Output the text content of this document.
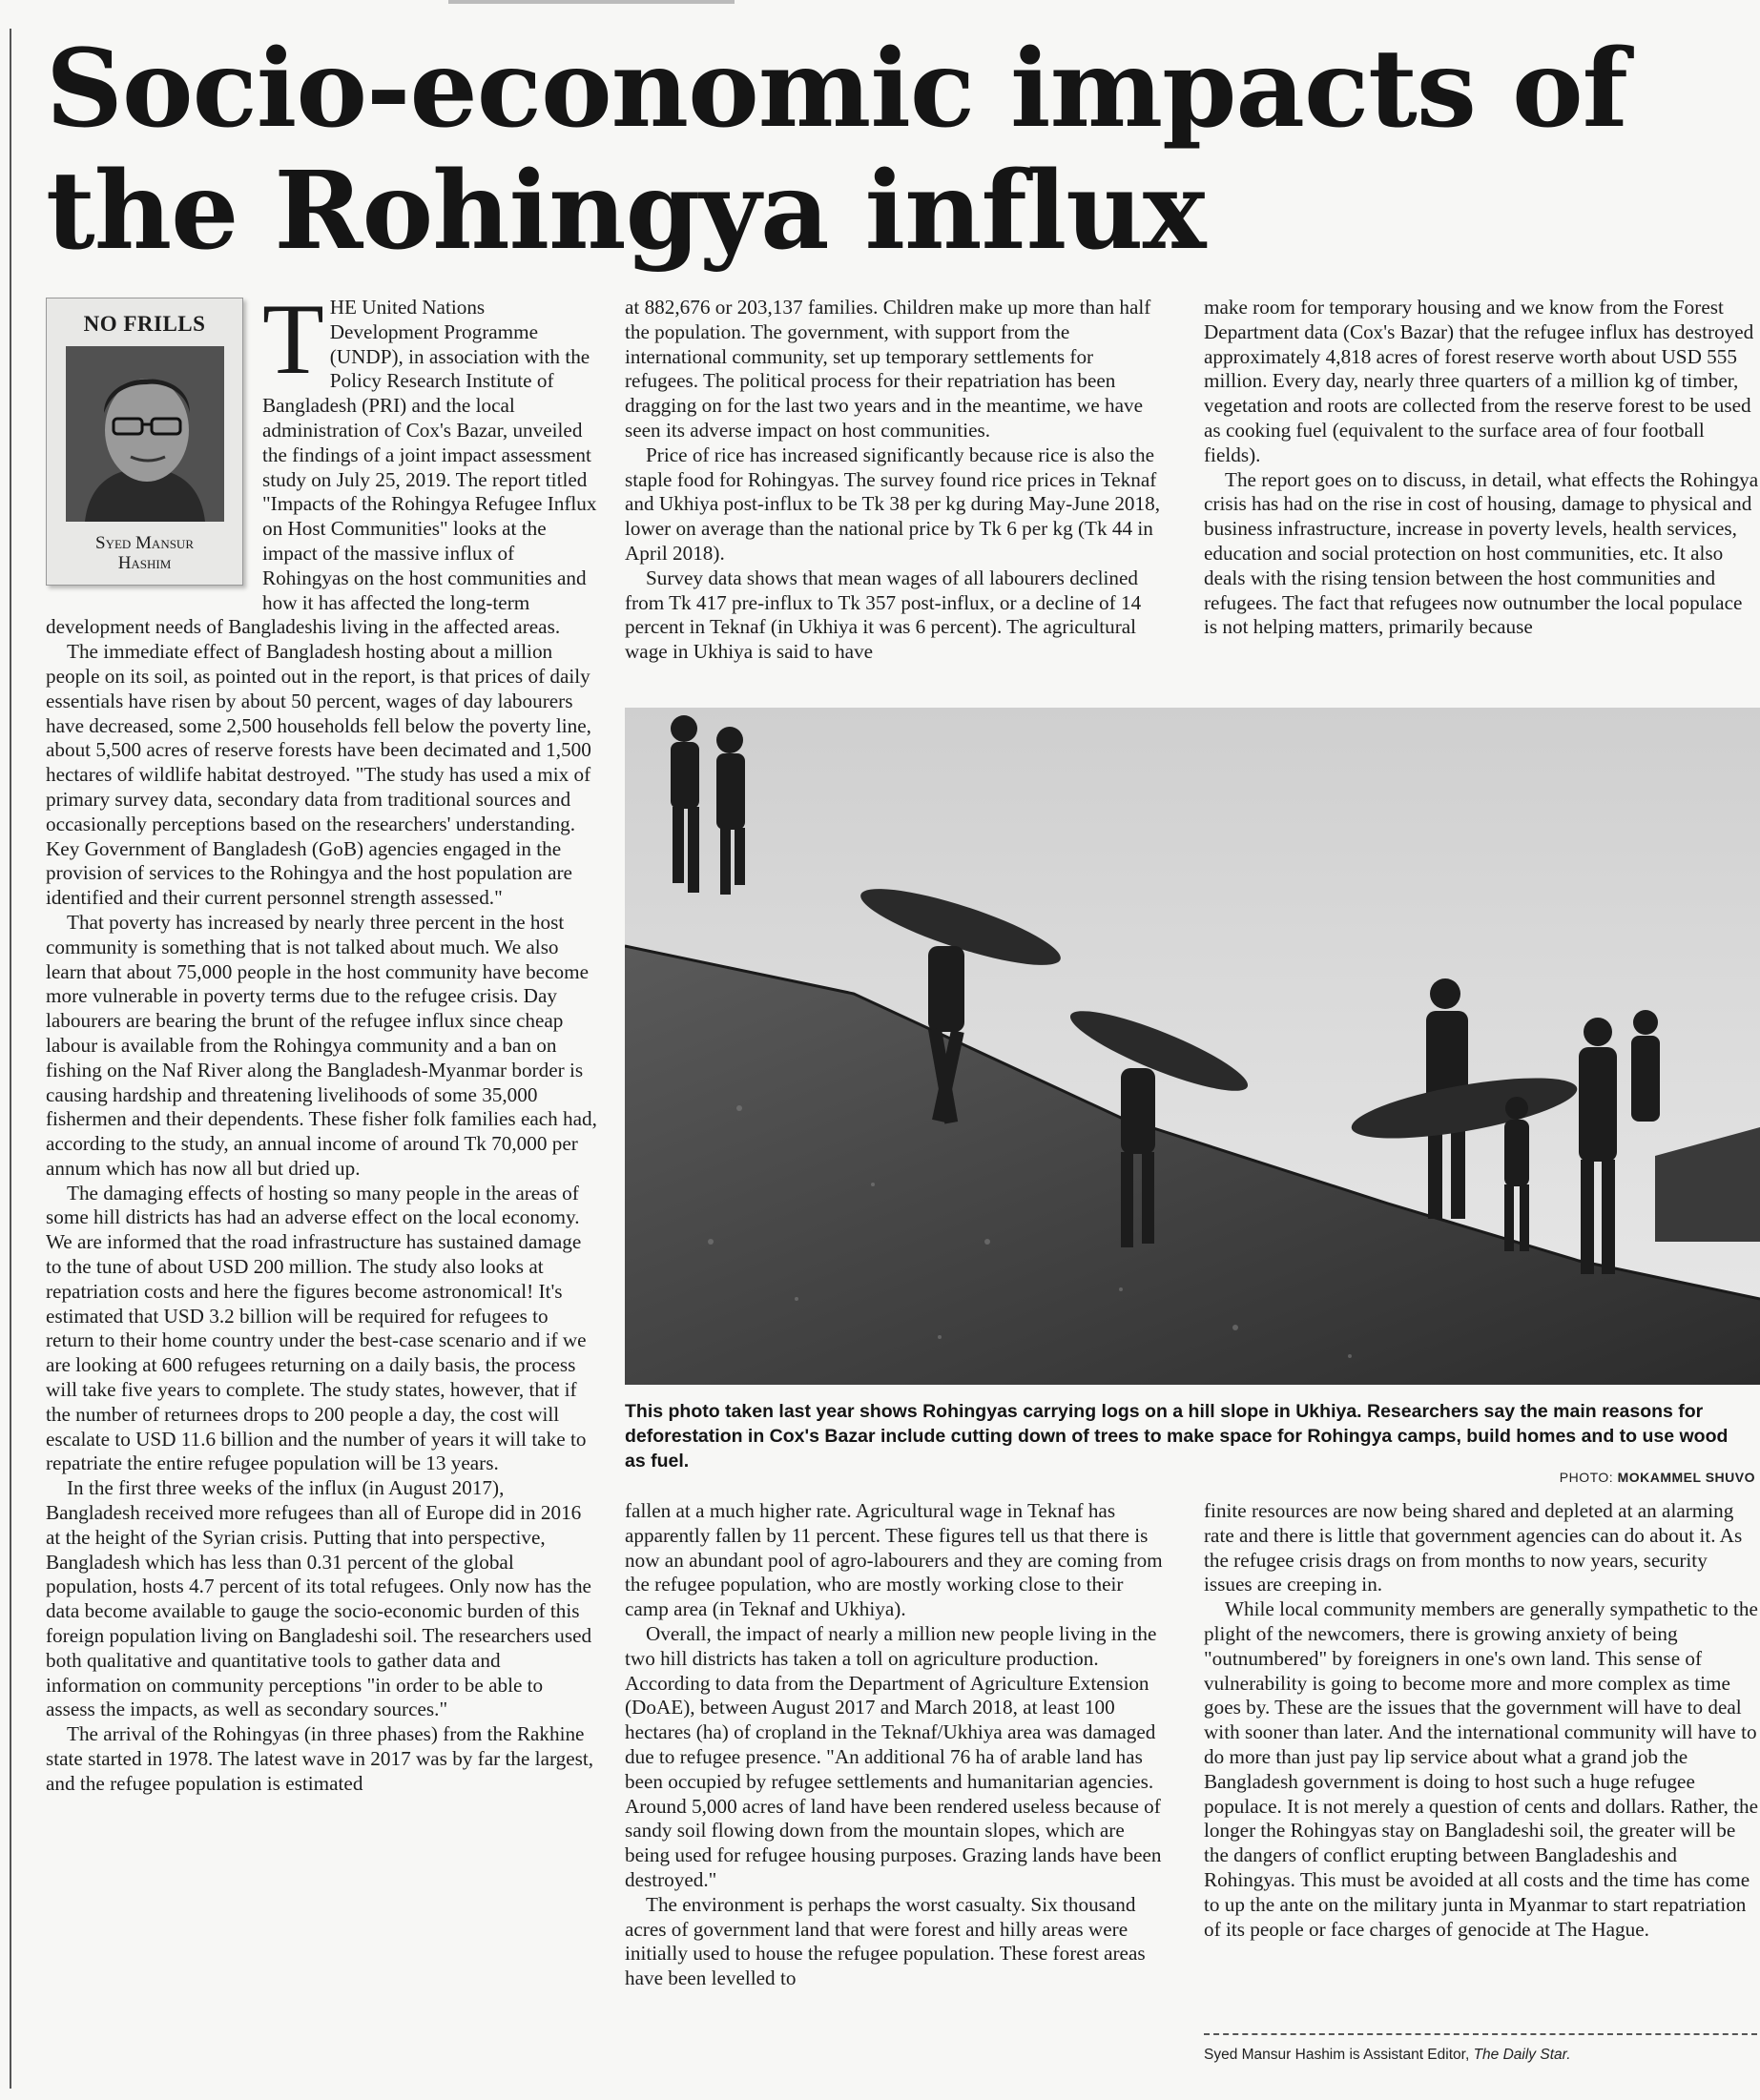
Socio-economic impacts of the Rohingya influx
NO FRILLS
Syed Mansur
Hashim

THE United Nations Development Programme (UNDP), in association with the Policy Research Institute of Bangladesh (PRI) and the local administration of Cox's Bazar, unveiled the findings of a joint impact assessment study on July 25, 2019. The report titled "Impacts of the Rohingya Refugee Influx on Host Communities" looks at the impact of the massive influx of Rohingyas on the host communities and how it has affected the long-term development needs of Bangladeshis living in the affected areas.

The immediate effect of Bangladesh hosting about a million people on its soil, as pointed out in the report, is that prices of daily essentials have risen by about 50 percent, wages of day labourers have decreased, some 2,500 households fell below the poverty line, about 5,500 acres of reserve forests have been decimated and 1,500 hectares of wildlife habitat destroyed. "The study has used a mix of primary survey data, secondary data from traditional sources and occasionally perceptions based on the researchers' understanding. Key Government of Bangladesh (GoB) agencies engaged in the provision of services to the Rohingya and the host population are identified and their current personnel strength assessed."

That poverty has increased by nearly three percent in the host community is something that is not talked about much. We also learn that about 75,000 people in the host community have become more vulnerable in poverty terms due to the refugee crisis. Day labourers are bearing the brunt of the refugee influx since cheap labour is available from the Rohingya community and a ban on fishing on the Naf River along the Bangladesh-Myanmar border is causing hardship and threatening livelihoods of some 35,000 fishermen and their dependents. These fisher folk families each had, according to the study, an annual income of around Tk 70,000 per annum which has now all but dried up.

The damaging effects of hosting so many people in the areas of some hill districts has had an adverse effect on the local economy. We are informed that the road infrastructure has sustained damage to the tune of about USD 200 million. The study also looks at repatriation costs and here the figures become astronomical! It's estimated that USD 3.2 billion will be required for refugees to return to their home country under the best-case scenario and if we are looking at 600 refugees returning on a daily basis, the process will take five years to complete. The study states, however, that if the number of returnees drops to 200 people a day, the cost will escalate to USD 11.6 billion and the number of years it will take to repatriate the entire refugee population will be 13 years.

In the first three weeks of the influx (in August 2017), Bangladesh received more refugees than all of Europe did in 2016 at the height of the Syrian crisis. Putting that into perspective, Bangladesh which has less than 0.31 percent of the global population, hosts 4.7 percent of its total refugees. Only now has the data become available to gauge the socio-economic burden of this foreign population living on Bangladeshi soil. The researchers used both qualitative and quantitative tools to gather data and information on community perceptions "in order to be able to assess the impacts, as well as secondary sources."

The arrival of the Rohingyas (in three phases) from the Rakhine state started in 1978. The latest wave in 2017 was by far the largest, and the refugee population is estimated

at 882,676 or 203,137 families. Children make up more than half the population. The government, with support from the international community, set up temporary settlements for refugees. The political process for their repatriation has been dragging on for the last two years and in the meantime, we have seen its adverse impact on host communities.

Price of rice has increased significantly because rice is also the staple food for Rohingyas. The survey found rice prices in Teknaf and Ukhiya post-influx to be Tk 38 per kg during May-June 2018, lower on average than the national price by Tk 6 per kg (Tk 44 in April 2018).

Survey data shows that mean wages of all labourers declined from Tk 417 pre-influx to Tk 357 post-influx, or a decline of 14 percent in Teknaf (in Ukhiya it was 6 percent). The agricultural wage in Ukhiya is said to have

make room for temporary housing and we know from the Forest Department data (Cox's Bazar) that the refugee influx has destroyed approximately 4,818 acres of forest reserve worth about USD 555 million. Every day, nearly three quarters of a million kg of timber, vegetation and roots are collected from the reserve forest to be used as cooking fuel (equivalent to the surface area of four football fields).

The report goes on to discuss, in detail, what effects the Rohingya crisis has had on the rise in cost of housing, damage to physical and business infrastructure, increase in poverty levels, health services, education and social protection on host communities, etc. It also deals with the rising tension between the host communities and refugees. The fact that refugees now outnumber the local populace is not helping matters, primarily because

This photo taken last year shows Rohingyas carrying logs on a hill slope in Ukhiya. Researchers say the main reasons for deforestation in Cox's Bazar include cutting down of trees to make space for Rohingya camps, build homes and to use wood as fuel.
PHOTO: MOKAMMEL SHUVO

fallen at a much higher rate. Agricultural wage in Teknaf has apparently fallen by 11 percent. These figures tell us that there is now an abundant pool of agro-labourers and they are coming from the refugee population, who are mostly working close to their camp area (in Teknaf and Ukhiya).

Overall, the impact of nearly a million new people living in the two hill districts has taken a toll on agriculture production. According to data from the Department of Agriculture Extension (DoAE), between August 2017 and March 2018, at least 100 hectares (ha) of cropland in the Teknaf/Ukhiya area was damaged due to refugee presence. "An additional 76 ha of arable land has been occupied by refugee settlements and humanitarian agencies. Around 5,000 acres of land have been rendered useless because of sandy soil flowing down from the mountain slopes, which are being used for refugee housing purposes. Grazing lands have been destroyed."

The environment is perhaps the worst casualty. Six thousand acres of government land that were forest and hilly areas were initially used to house the refugee population. These forest areas have been levelled to

finite resources are now being shared and depleted at an alarming rate and there is little that government agencies can do about it. As the refugee crisis drags on from months to now years, security issues are creeping in.

While local community members are generally sympathetic to the plight of the newcomers, there is growing anxiety of being "outnumbered" by foreigners in one's own land. This sense of vulnerability is going to become more and more complex as time goes by. These are the issues that the government will have to deal with sooner than later. And the international community will have to do more than just pay lip service about what a grand job the Bangladesh government is doing to host such a huge refugee populace. It is not merely a question of cents and dollars. Rather, the longer the Rohingyas stay on Bangladeshi soil, the greater will be the dangers of conflict erupting between Bangladeshis and Rohingyas. This must be avoided at all costs and the time has come to up the ante on the military junta in Myanmar to start repatriation of its people or face charges of genocide at The Hague.

Syed Mansur Hashim is Assistant Editor, The Daily Star.
